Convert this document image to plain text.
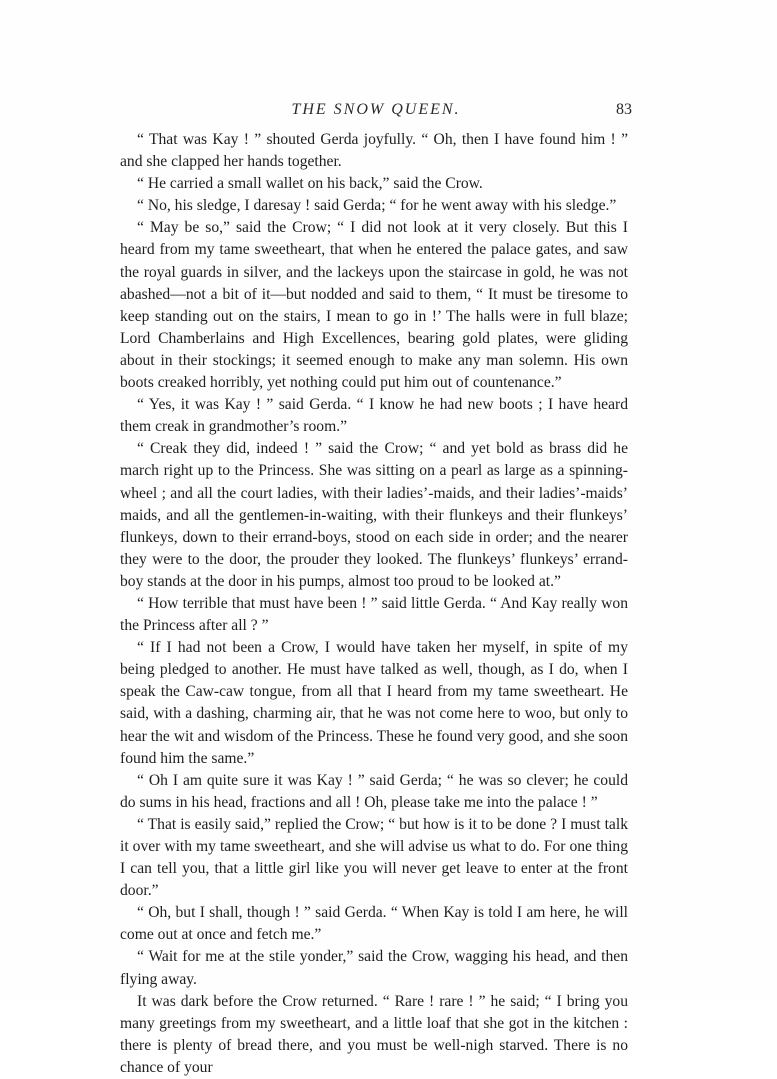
THE SNOW QUEEN.	83

“ That was Kay ! ” shouted Gerda joyfully. “ Oh, then I have found him ! ” and she clapped her hands together.

“ He carried a small wallet on his back,” said the Crow.

“ No, his sledge, I daresay ! said Gerda; “ for he went away with his sledge.”

“ May be so,” said the Crow; “ I did not look at it very closely. But this I heard from my tame sweetheart, that when he entered the palace gates, and saw the royal guards in silver, and the lackeys upon the staircase in gold, he was not abashed—not a bit of it—but nodded and said to them, “ It must be tiresome to keep standing out on the stairs, I mean to go in !’ The halls were in full blaze; Lord Chamberlains and High Excellences, bearing gold plates, were gliding about in their stockings; it seemed enough to make any man solemn. His own boots creaked horribly, yet nothing could put him out of countenance.”

“ Yes, it was Kay ! ” said Gerda. “ I know he had new boots ; I have heard them creak in grandmother’s room.”

“ Creak they did, indeed ! ” said the Crow; “ and yet bold as brass did he march right up to the Princess. She was sitting on a pearl as large as a spinning-wheel ; and all the court ladies, with their ladies’-maids, and their ladies’-maids’ maids, and all the gentlemen-in-waiting, with their flunkeys and their flunkeys’ flunkeys, down to their errand-boys, stood on each side in order; and the nearer they were to the door, the prouder they looked. The flunkeys’ flunkeys’ errand-boy stands at the door in his pumps, almost too proud to be looked at.”

“ How terrible that must have been ! ” said little Gerda. “ And Kay really won the Princess after all ? ”

“ If I had not been a Crow, I would have taken her myself, in spite of my being pledged to another. He must have talked as well, though, as I do, when I speak the Caw-caw tongue, from all that I heard from my tame sweetheart. He said, with a dashing, charming air, that he was not come here to woo, but only to hear the wit and wisdom of the Princess. These he found very good, and she soon found him the same.”

“ Oh I am quite sure it was Kay ! ” said Gerda; “ he was so clever; he could do sums in his head, fractions and all ! Oh, please take me into the palace ! ”

“ That is easily said,” replied the Crow; “ but how is it to be done ? I must talk it over with my tame sweetheart, and she will advise us what to do. For one thing I can tell you, that a little girl like you will never get leave to enter at the front door.”

“ Oh, but I shall, though ! ” said Gerda. “ When Kay is told I am here, he will come out at once and fetch me.”

“ Wait for me at the stile yonder,” said the Crow, wagging his head, and then flying away.

It was dark before the Crow returned. “ Rare ! rare ! ” he said; “ I bring you many greetings from my sweetheart, and a little loaf that she got in the kitchen : there is plenty of bread there, and you must be well-nigh starved. There is no chance of your
